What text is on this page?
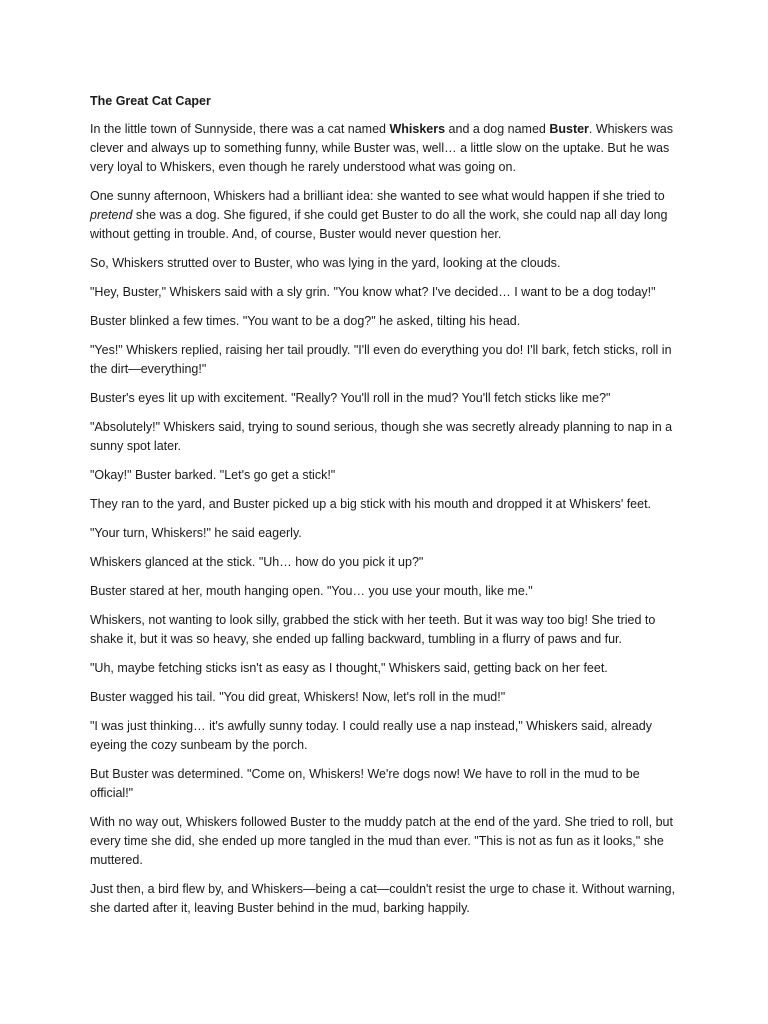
The Great Cat Caper

In the little town of Sunnyside, there was a cat named Whiskers and a dog named Buster. Whiskers was clever and always up to something funny, while Buster was, well… a little slow on the uptake. But he was very loyal to Whiskers, even though he rarely understood what was going on.

One sunny afternoon, Whiskers had a brilliant idea: she wanted to see what would happen if she tried to pretend she was a dog. She figured, if she could get Buster to do all the work, she could nap all day long without getting in trouble. And, of course, Buster would never question her.

So, Whiskers strutted over to Buster, who was lying in the yard, looking at the clouds.

"Hey, Buster," Whiskers said with a sly grin. "You know what? I've decided… I want to be a dog today!"

Buster blinked a few times. "You want to be a dog?" he asked, tilting his head.

"Yes!" Whiskers replied, raising her tail proudly. "I'll even do everything you do! I'll bark, fetch sticks, roll in the dirt—everything!"

Buster's eyes lit up with excitement. "Really? You'll roll in the mud? You'll fetch sticks like me?"

"Absolutely!" Whiskers said, trying to sound serious, though she was secretly already planning to nap in a sunny spot later.

"Okay!" Buster barked. "Let's go get a stick!"

They ran to the yard, and Buster picked up a big stick with his mouth and dropped it at Whiskers' feet.

"Your turn, Whiskers!" he said eagerly.

Whiskers glanced at the stick. "Uh… how do you pick it up?"

Buster stared at her, mouth hanging open. "You… you use your mouth, like me."

Whiskers, not wanting to look silly, grabbed the stick with her teeth. But it was way too big! She tried to shake it, but it was so heavy, she ended up falling backward, tumbling in a flurry of paws and fur.

"Uh, maybe fetching sticks isn't as easy as I thought," Whiskers said, getting back on her feet.

Buster wagged his tail. "You did great, Whiskers! Now, let's roll in the mud!"

"I was just thinking… it's awfully sunny today. I could really use a nap instead," Whiskers said, already eyeing the cozy sunbeam by the porch.

But Buster was determined. "Come on, Whiskers! We're dogs now! We have to roll in the mud to be official!"

With no way out, Whiskers followed Buster to the muddy patch at the end of the yard. She tried to roll, but every time she did, she ended up more tangled in the mud than ever. "This is not as fun as it looks," she muttered.

Just then, a bird flew by, and Whiskers—being a cat—couldn't resist the urge to chase it. Without warning, she darted after it, leaving Buster behind in the mud, barking happily.
